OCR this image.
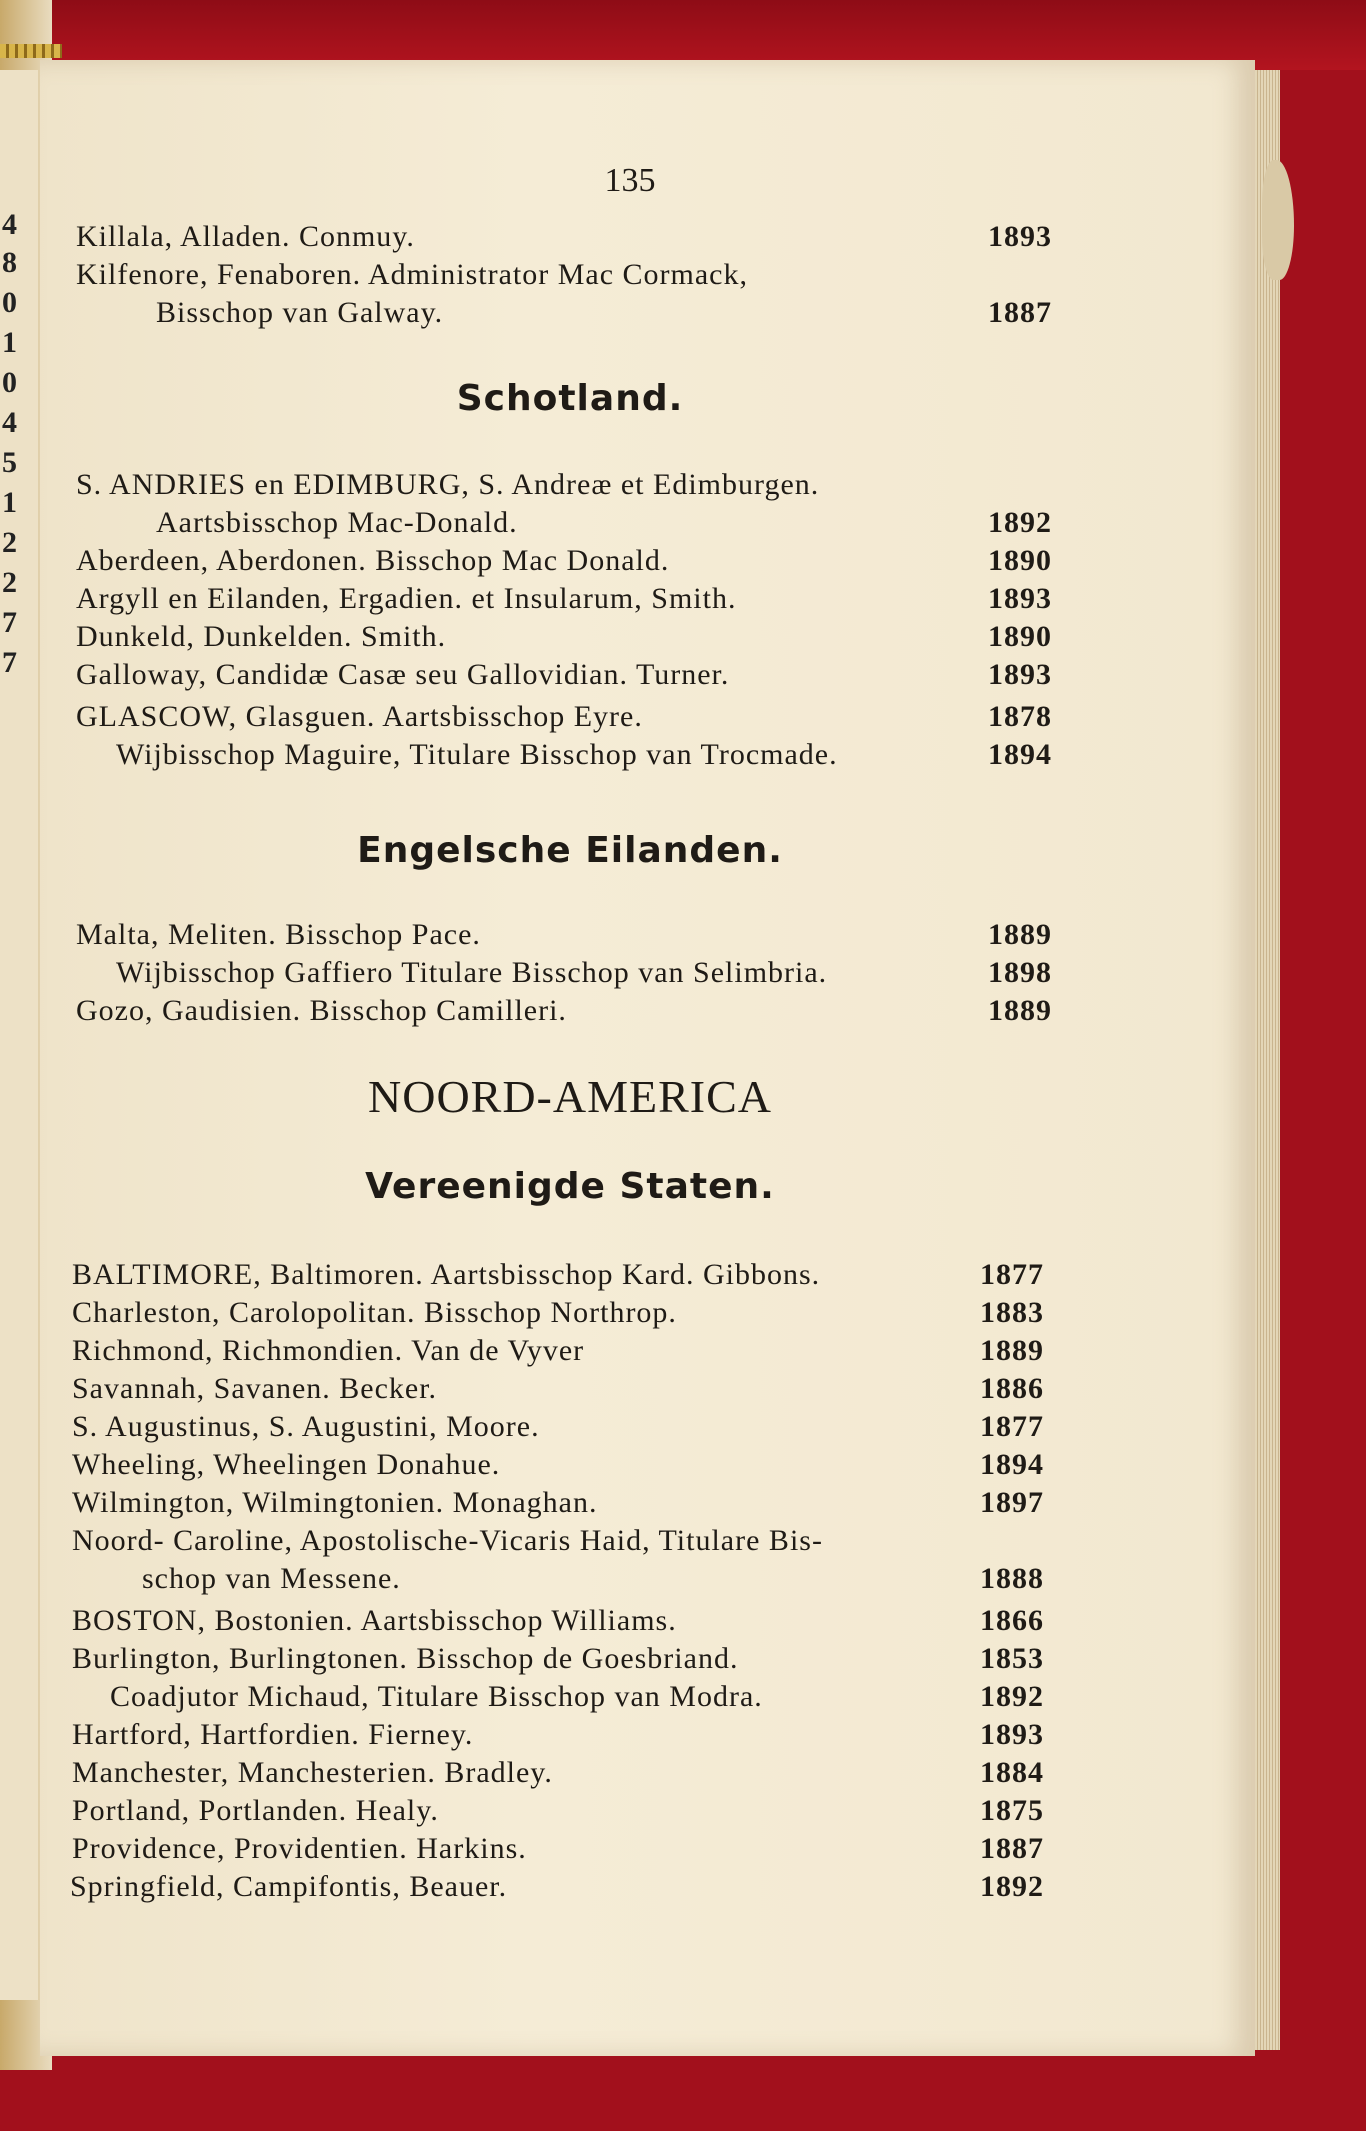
4
8
0
1
0
4
5
1
2
2
7
7
135
Killala, Alladen. Conmuy.	1893
Kilfenore, Fenaboren. Administrator Mac Cormack,
Bisschop van Galway.	1887
Schotland.
S. ANDRIES en EDIMBURG, S. Andreæ et Edimburgen.
Aartsbisschop Mac-Donald.	1892
Aberdeen, Aberdonen. Bisschop Mac Donald.	1890
Argyll en Eilanden, Ergadien. et Insularum, Smith.	1893
Dunkeld, Dunkelden. Smith.	1890
Galloway, Candidæ Casæ seu Gallovidian. Turner.	1893
GLASCOW, Glasguen. Aartsbisschop Eyre.	1878
Wijbisschop Maguire, Titulare Bisschop van Trocmade.	1894
Engelsche Eilanden.
Malta, Meliten. Bisschop Pace.	1889
Wijbisschop Gaffiero Titulare Bisschop van Selimbria.	1898
Gozo, Gaudisien. Bisschop Camilleri.	1889
NOORD-AMERICA
Vereenigde Staten.
BALTIMORE, Baltimoren. Aartsbisschop Kard. Gibbons.	1877
Charleston, Carolopolitan. Bisschop Northrop.	1883
Richmond, Richmondien. Van de Vyver	1889
Savannah, Savanen. Becker.	1886
S. Augustinus, S. Augustini, Moore.	1877
Wheeling, Wheelingen Donahue.	1894
Wilmington, Wilmingtonien. Monaghan.	1897
Noord- Caroline, Apostolische-Vicaris Haid, Titulare Bis-
schop van Messene.	1888
BOSTON, Bostonien. Aartsbisschop Williams.	1866
Burlington, Burlingtonen. Bisschop de Goesbriand.	1853
Coadjutor Michaud, Titulare Bisschop van Modra.	1892
Hartford, Hartfordien. Fierney.	1893
Manchester, Manchesterien. Bradley.	1884
Portland, Portlanden. Healy.	1875
Providence, Providentien. Harkins.	1887
Springfield, Campifontis, Beauer.	1892
